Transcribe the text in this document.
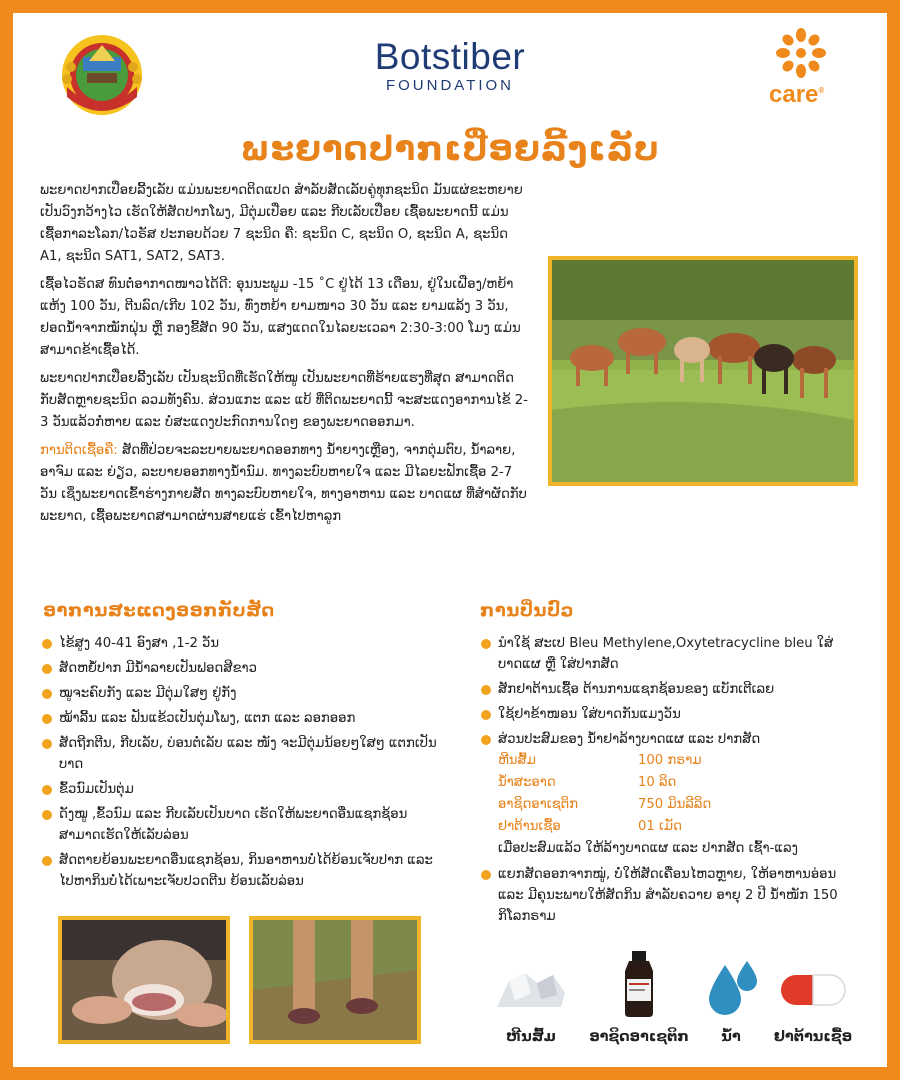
Botstiber
FOUNDATION	care®
ພະຍາດປາກເປື່ອຍລີ້ງເລັບ

ພະຍາດປາກເປື່ອຍລີ້ງເລັບ ແມ່ນພະຍາດຕິດແປດ ສຳລັບສັດເລັບຄູ່ທຸກຊະນິດ ມັນແຜ່ຂະຫຍາຍເປັນວົງກວ້າງໄວ ເຮັດໃຫ້ສັດປາກໂພງ, ມີຕຸ່ມເປື່ອຍ ແລະ ກີບເລັບເປື່ອຍ ເຊື້ອພະຍາດນີ້ ແມ່ນເຊື້ອກາລະໂລກ/ໄວຣັສ ປະກອບດ້ວຍ 7 ຊະນິດ ຄື: ຊະນິດ C, ຊະນິດ O, ຊະນິດ A, ຊະນິດ A1, ຊະນິດ SAT1, SAT2, SAT3.

ເຊື້ອໄວຣັດສ ທົນຕໍ່ອາກາດໜາວໄດ້ດີ: ອຸນນະພູມ -15 ˚C ຢູ່ໄດ້ 13 ເດືອນ, ຢູ່ໃນເຝືອງ/ຫຍ້າແຫ້ງ 100 ວັນ, ຕີນລົດ/ເກີບ 102 ວັນ, ທົ່ງຫຍ້າ ຍາມໜາວ 30 ວັນ ແລະ ຍາມແລ້ງ 3 ວັນ, ຢອດນ້ຳຈາກໝັກຝຸ່ນ ຫຼື ກອງຂີ້ສັດ 90 ວັນ, ແສງແດດໃນໄລຍະເວລາ 2:30-3:00 ໂມງ ແມ່ນສາມາດຂ້າເຊື້ອໄດ້.

ພະຍາດປາກເປື່ອຍລີ້ງເລັບ ເປັນຊະນິດທີ່ເຮັດໃຫ້ໝູ ເປັນພະຍາດທີ່ຮ້າຍແຮງທີ່ສຸດ ສາມາດຕິດກັບສັດຫຼາຍຊະນິດ ລວມທັງຄົນ. ສ່ວນແກະ ແລະ ແບ້ ທີ່ຕິດພະຍາດນີ້ ຈະສະແດງອາການໄຂ້ 2-3 ວັນແລ້ວກໍ່ຫາຍ ແລະ ບໍ່ສະແດງປະກົດການໃດໆ ຂອງພະຍາດອອກມາ.

ການຕິດເຊື້ອຄື: ສັດທີ່ປ່ວຍຈະລະບາຍພະຍາດອອກທາງ ນ້ຳຍາງເຫຼືອງ, ຈາກຕຸ່ມຕົບ, ນ້ຳລາຍ, ອາຈົມ ແລະ ຍ່ຽວ, ລະບາຍອອກທາງນ້ຳນົມ. ທາງລະບົບຫາຍໃຈ ແລະ ມີໄລຍະຟັກເຊື້ອ 2-7 ວັນ ເຊິ່ງພະຍາດເຂົ້າຮ່າງກາຍສັດ ທາງລະບົບຫາຍໃຈ, ທາງອາຫານ ແລະ ບາດແຜ ທີ່ສຳຜັດກັບພະຍາດ, ເຊື້ອພະຍາດສາມາດຜ່ານສາຍແຮ່ ເຂົ້າໄປຫາລູກ

ອາການສະແດງອອກກັບສັດ
ໄຂ້ສູງ 40-41 ອົງສາ ,1-2 ວັນ
ສັດຫຍໍ້ປາກ ມີນ້ຳລາຍເປັນຟອດສີຂາວ
ໝູຈະຄົບກັງ ແລະ ມີຕຸ່ມໃສໆ ຢູ່ກັງ
ໝ້າລີ້ນ ແລະ ຟັນແຂ້ວເປັນຕຸ່ມໂພງ, ແຕກ ແລະ ລອກອອກ
ສັດຖີກຕີນ, ກີບເລັບ, ບ່ອນຕໍ່ເລັບ ແລະ ໜັງ ຈະມີຕຸ່ມນ້ອຍໆໃສໆ ແຕກເປັນບາດ
ຂົ້ວນົມເປັນຕຸ່ມ
ດັງໝູ ,ຂົ້ວນົມ ແລະ ກີບເລັບເປັນບາດ ເຮັດໃຫ້ພະຍາດອື່ນແຊກຊ້ອນ ສາມາດເຮັດໃຫ້ເລັບລ່ອນ
ສັດຕາຍຍ້ອນພະຍາດອື່ນແຊກຊ້ອນ, ກິນອາຫານບໍ່ໄດ້ຍ້ອນເຈັບປາກ ແລະ ໄປຫາກິນບໍ່ໄດ້ເພາະເຈັບປວດຕີນ ຍ້ອນເລັບລ່ອນ
ການປິ່ນປົວ
ນຳໃຊ້ ສະເປ Bleu Methylene,Oxytetracycline bleu ໃສ່ບາດແຜ ຫຼື ໃສ່ປາກສັດ
ສັກຢາຕ້ານເຊື້ອ ຕ້ານການແຊກຊ້ອນຂອງ ແບັກເຕີເລຍ
ໃຊ້ຢາຂ້າໜອນ ໃສ່ບາດກັນແມງວັນ
ສ່ວນປະສົມຂອງ ນ້ຳຢາລ້າງບາດແຜ ແລະ ປາກສັດ
ຫີນສົ້ມ	100 ກຣາມ
ນ້ຳສະອາດ	10 ລິດ
ອາຊິດອາເຊຕິກ	750 ມິນລີລິດ
ຢາຕ້ານເຊື້ອ	01 ເມັດ
ເມື່ອປະສົມແລ້ວ ໃຫ້ລ້າງບາດແຜ ແລະ ປາກສັດ ເຊົ້າ-ແລງ
ແຍກສັດອອກຈາກໝູ່, ບໍ່ໃຫ້ສັດເຄື່ອນໄຫວຫຼາຍ, ໃຫ້ອາຫານອ່ອນ ແລະ ມີຄຸນະພາບໃຫ້ສັດກິນ ສຳລັບຄວາຍ ອາຍຸ 2 ປີ ນ້ຳໜັກ 150 ກິໂລກຣາມ
ຫີນສົ້ມ	ອາຊິດອາເຊຕິກ	ນ້ຳ	ຢາຕ້ານເຊື້ອ
